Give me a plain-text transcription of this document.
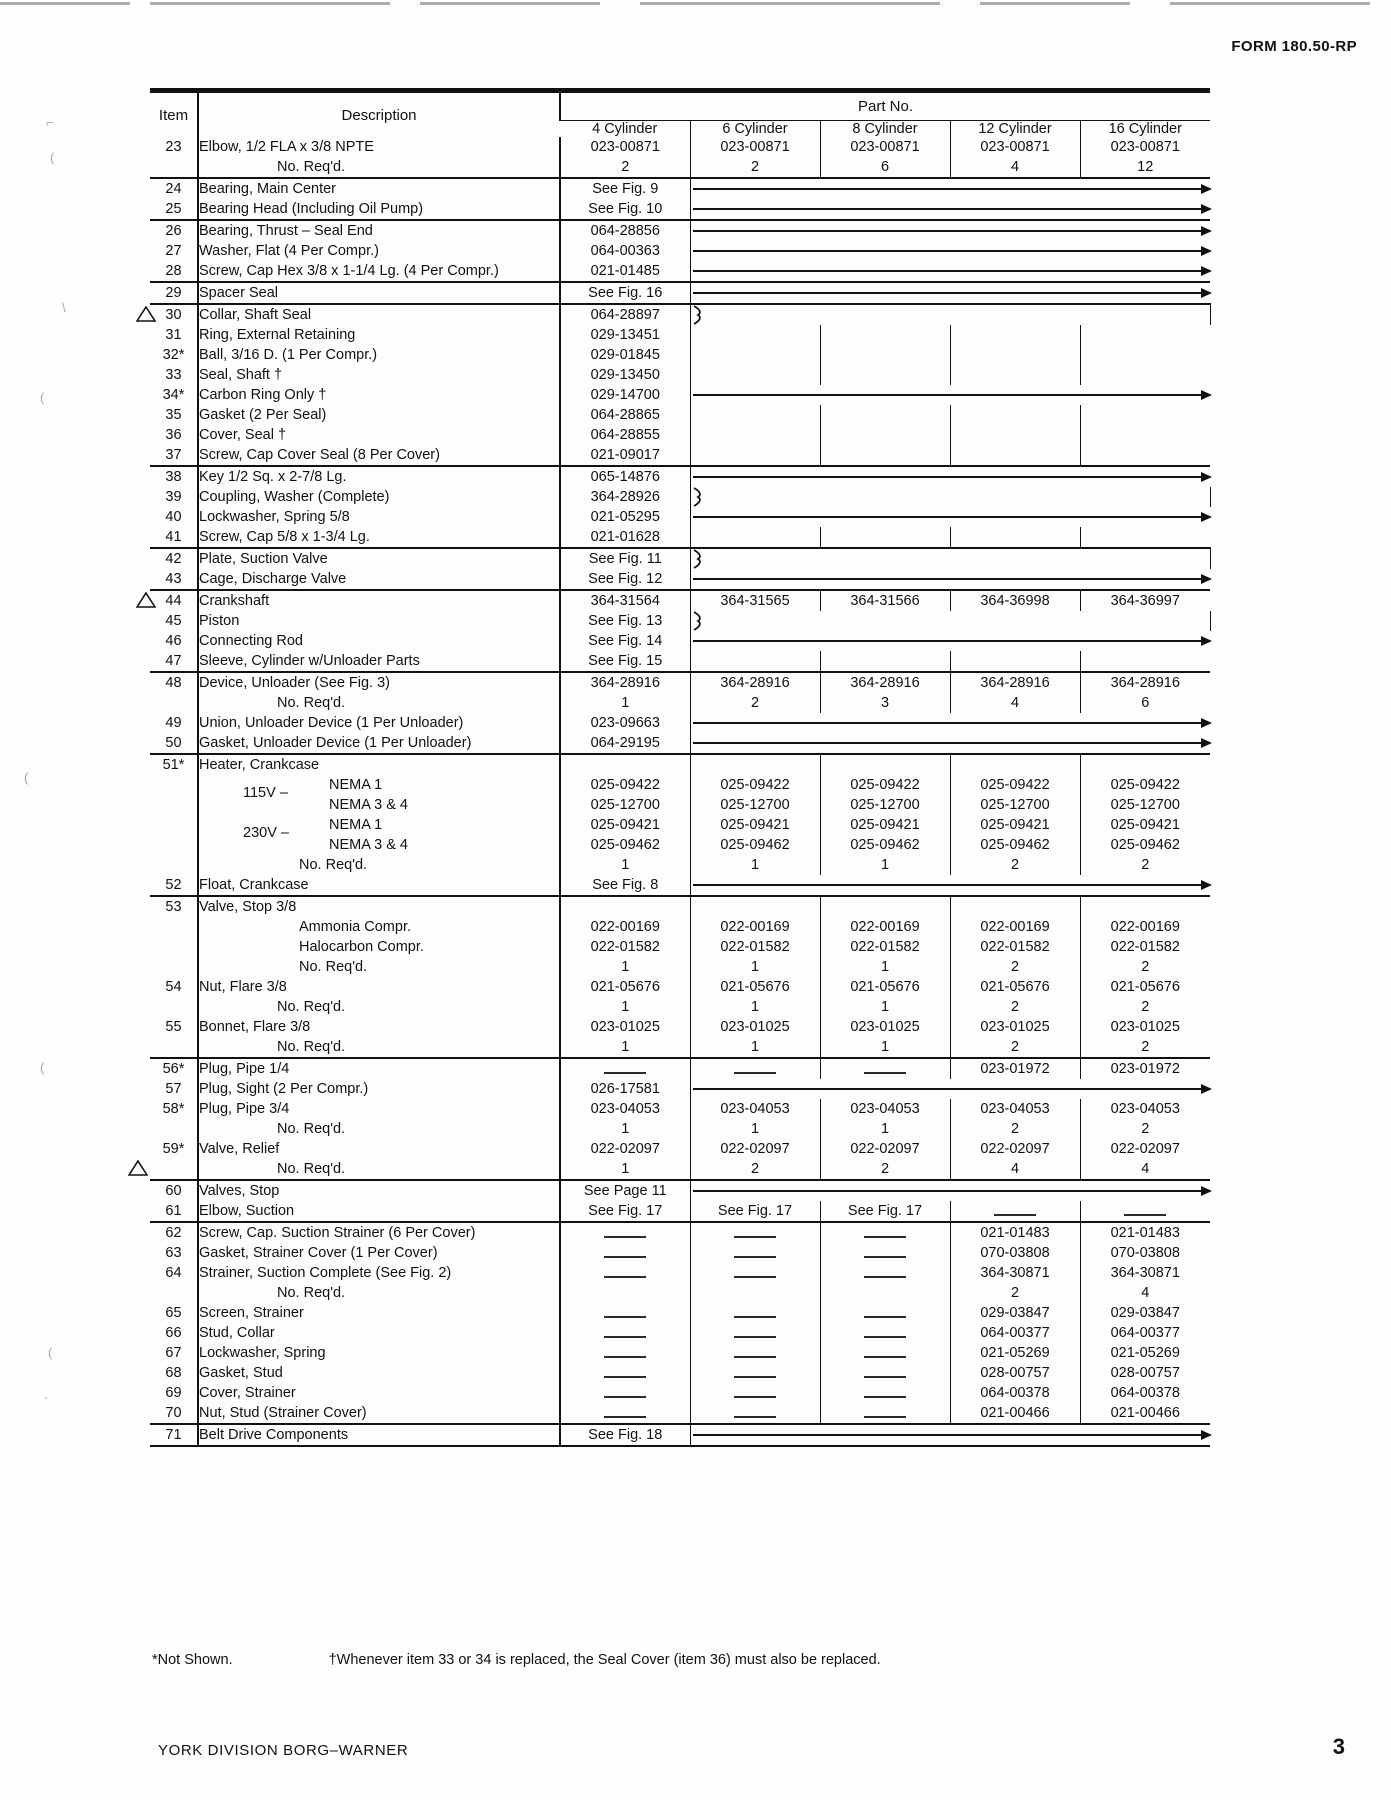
FORM 180.50-RP

Item	Description	Part No.					

		4 Cylinder	6 Cylinder	8 Cylinder	12 Cylinder	16 Cylinder	
23	Elbow, 1/2 FLA x 3/8 NPTE	023-00871	023-00871	023-00871	023-00871	023-00871	
	No. Req'd.	2	2	6	4	12	
24	Bearing, Main Center	See Fig. 9					

25	Bearing Head (Including Oil Pump)	See Fig. 10					

26	Bearing, Thrust – Seal End	064-28856					

27	Washer, Flat (4 Per Compr.)	064-00363					

28	Screw, Cap Hex 3/8 x 1-1/4 Lg. (4 Per Compr.)	021-01485					

29	Spacer Seal	See Fig. 16					

30	Collar, Shaft Seal	064-28897	

31	Ring, External Retaining	029-13451					
32*	Ball, 3/16 D. (1 Per Compr.)	029-01845					
33	Seal, Shaft †	029-13450					
34*	Carbon Ring Only †	029-14700					

35	Gasket (2 Per Seal)	064-28865					
36	Cover, Seal †	064-28855					
37	Screw, Cap Cover Seal (8 Per Cover)	021-09017					
38	Key 1/2 Sq. x 2-7/8 Lg.	065-14876					

39	Coupling, Washer (Complete)	364-28926	

40	Lockwasher, Spring 5/8	021-05295					

41	Screw, Cap 5/8 x 1-3/4 Lg.	021-01628					
42	Plate, Suction Valve	See Fig. 11	

43	Cage, Discharge Valve	See Fig. 12					

44	Crankshaft	364-31564	364-31565	364-31566	364-36998	364-36997	
45	Piston	See Fig. 13	

46	Connecting Rod	See Fig. 14					

47	Sleeve, Cylinder w/Unloader Parts	See Fig. 15					
48	Device, Unloader (See Fig. 3)	364-28916	364-28916	364-28916	364-28916	364-28916	
	No. Req'd.	1	2	3	4	6	
49	Union, Unloader Device (1 Per Unloader)	023-09663					

50	Gasket, Unloader Device (1 Per Unloader)	064-29195					

51*	Heater, Crankcase						

	115V – NEMA 1	025-09422	025-09422	025-09422	025-09422	025-09422	
	NEMA 3 & 4	025-12700	025-12700	025-12700	025-12700	025-12700	

	230V – NEMA 1	025-09421	025-09421	025-09421	025-09421	025-09421	
	NEMA 3 & 4	025-09462	025-09462	025-09462	025-09462	025-09462	
	No. Req'd.	1	1	1	2	2	
52	Float, Crankcase	See Fig. 8					

53	Valve, Stop 3/8						
	Ammonia Compr.	022-00169	022-00169	022-00169	022-00169	022-00169	
	Halocarbon Compr.	022-01582	022-01582	022-01582	022-01582	022-01582	
	No. Req'd.	1	1	1	2	2	
54	Nut, Flare 3/8	021-05676	021-05676	021-05676	021-05676	021-05676	
	No. Req'd.	1	1	1	2	2	
55	Bonnet, Flare 3/8	023-01025	023-01025	023-01025	023-01025	023-01025	
	No. Req'd.	1	1	1	2	2	
56*	Plug, Pipe 1/4				023-01972	023-01972	
57	Plug, Sight (2 Per Compr.)	026-17581					

58*	Plug, Pipe 3/4	023-04053	023-04053	023-04053	023-04053	023-04053	
	No. Req'd.	1	1	1	2	2	
59*	Valve, Relief	022-02097	022-02097	022-02097	022-02097	022-02097	

	No. Req'd.	1	2	2	4	4	
60	Valves, Stop	See Page 11					

61	Elbow, Suction	See Fig. 17	See Fig. 17	See Fig. 17			
62	Screw, Cap. Suction Strainer (6 Per Cover)				021-01483	021-01483	
63	Gasket, Strainer Cover (1 Per Cover)				070-03808	070-03808	
64	Strainer, Suction Complete (See Fig. 2)				364-30871	364-30871	
	No. Req'd.				2	4	
65	Screen, Strainer				029-03847	029-03847	
66	Stud, Collar				064-00377	064-00377	
67	Lockwasher, Spring				021-05269	021-05269	
68	Gasket, Stud				028-00757	028-00757	
69	Cover, Strainer				064-00378	064-00378	
70	Nut, Stud (Strainer Cover)				021-00466	021-00466	
71	Belt Drive Components	See Fig. 18					
*Not Shown.	†Whenever item 33 or 34 is replaced, the Seal Cover (item 36) must also be replaced.
YORK DIVISION BORG–WARNER	3
⌐
(
\
(
(
(
(
·
